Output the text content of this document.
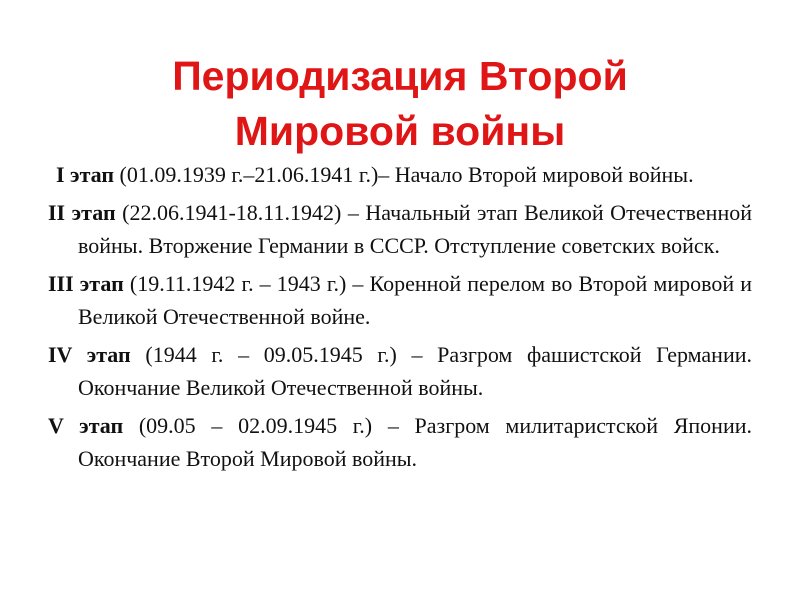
Периодизация Второй
Мировой войны
I этап (01.09.1939 г.–21.06.1941 г.)– Начало Второй мировой войны.
II этап (22.06.1941-18.11.1942) – Начальный этап Великой Отечественной войны. Вторжение Германии в СССР. Отступление советских войск.
III этап (19.11.1942 г. – 1943 г.) – Коренной перелом во Второй мировой и Великой Отечественной войне.
IV этап (1944 г. – 09.05.1945 г.) – Разгром фашистской Германии. Окончание Великой Отечественной войны.
V этап (09.05 – 02.09.1945 г.) – Разгром милитаристской Японии. Окончание Второй Мировой войны.
